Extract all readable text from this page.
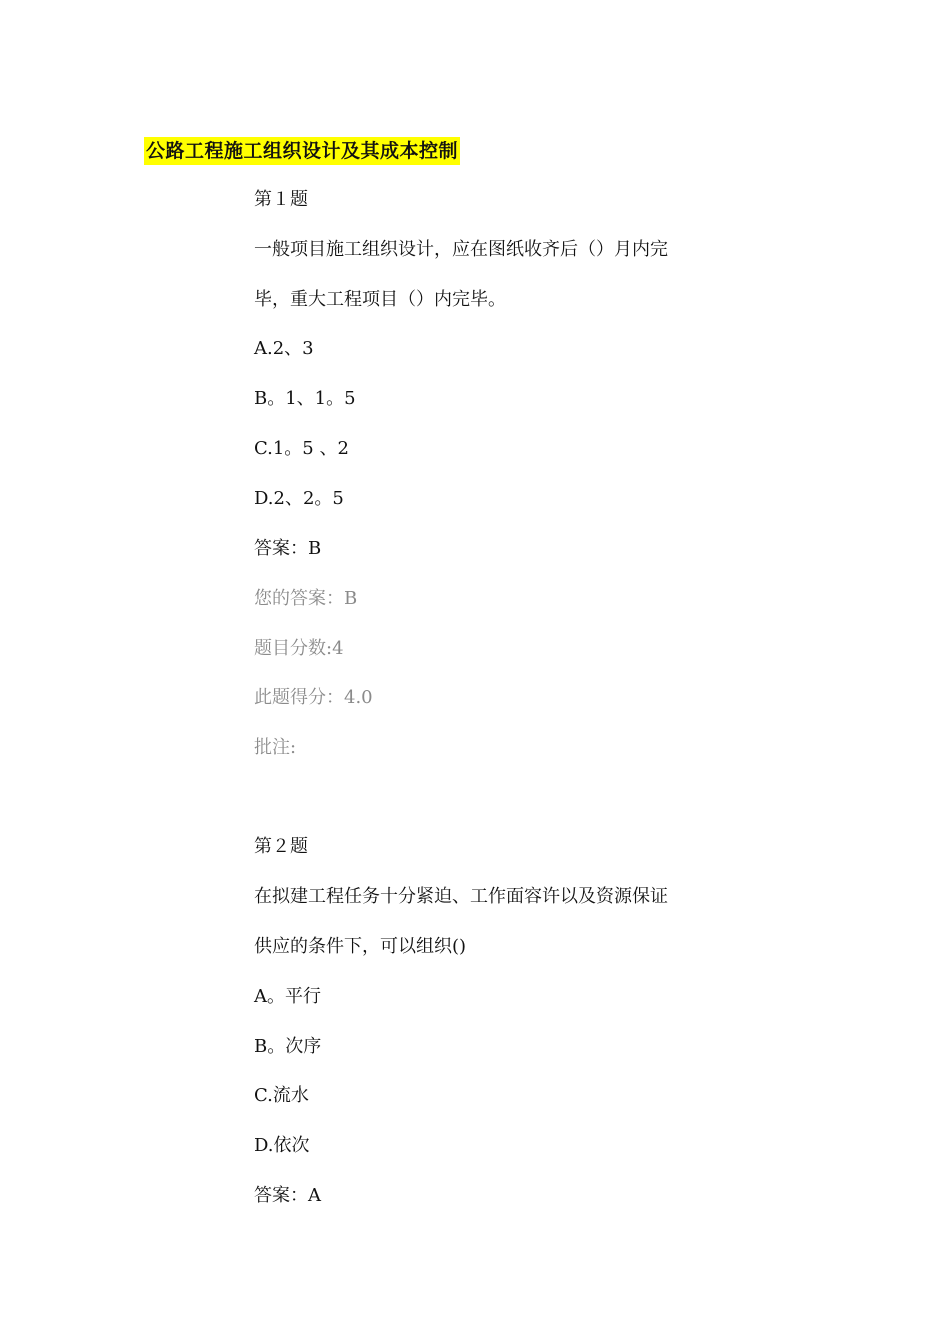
公路工程施工组织设计及其成本控制
第１题
一般项目施工组织设计，应在图纸收齐后（）月内完
毕，重大工程项目（）内完毕。
A.2、3
B。1、1。5
C.1。5 、2
D.2、2。5
答案：B
您的答案：B
题目分数:4
此题得分：4.0
批注:
第２题
在拟建工程任务十分紧迫、工作面容许以及资源保证
供应的条件下，可以组织()
A。平行
B。次序
C.流水
D.依次
答案：A
